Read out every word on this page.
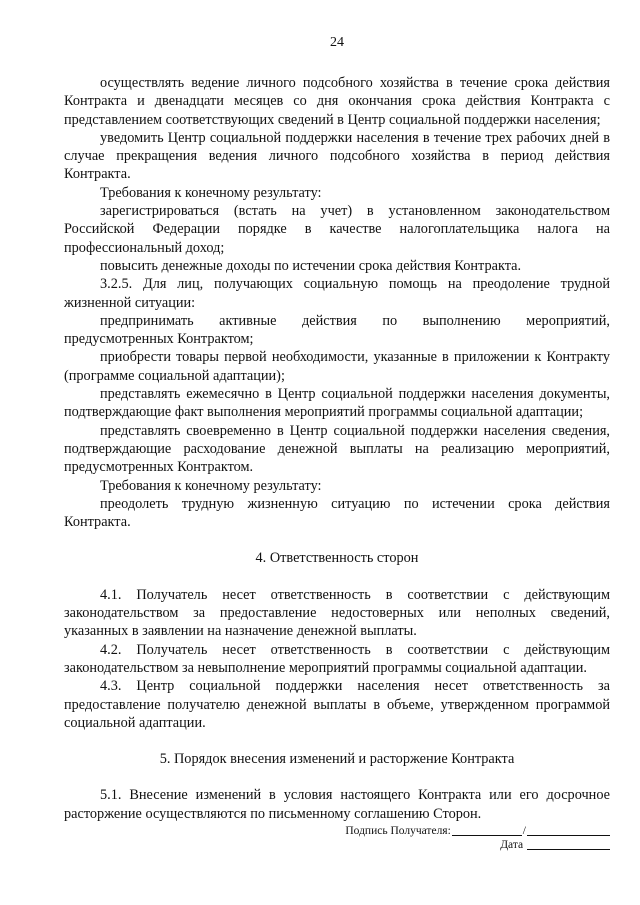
24

осуществлять ведение личного подсобного хозяйства в течение срока действия Контракта и двенадцати месяцев со дня окончания срока действия Контракта с представлением соответствующих сведений в Центр социальной поддержки населения;

уведомить Центр социальной поддержки населения в течение трех рабочих дней в случае прекращения ведения личного подсобного хозяйства в период действия Контракта.

Требования к конечному результату:

зарегистрироваться (встать на учет) в установленном законодательством Российской Федерации порядке в качестве налогоплательщика налога на профессиональный доход;

повысить денежные доходы по истечении срока действия Контракта.

3.2.5. Для лиц, получающих социальную помощь на преодоление трудной жизненной ситуации:

предпринимать активные действия по выполнению мероприятий, предусмотренных Контрактом;

приобрести товары первой необходимости, указанные в приложении к Контракту (программе социальной адаптации);

представлять ежемесячно в Центр социальной поддержки населения документы, подтверждающие факт выполнения мероприятий программы социальной адаптации;

представлять своевременно в Центр социальной поддержки населения сведения, подтверждающие расходование денежной выплаты на реализацию мероприятий, предусмотренных Контрактом.

Требования к конечному результату:

преодолеть трудную жизненную ситуацию по истечении срока действия Контракта.

4. Ответственность сторон

4.1. Получатель несет ответственность в соответствии с действующим законодательством за предоставление недостоверных или неполных сведений, указанных в заявлении на назначение денежной выплаты.

4.2. Получатель несет ответственность в соответствии с действующим законодательством за невыполнение мероприятий программы социальной адаптации.

4.3. Центр социальной поддержки населения несет ответственность за предоставление получателю денежной выплаты в объеме, утвержденном программой социальной адаптации.

5. Порядок внесения изменений и расторжение Контракта

5.1. Внесение изменений в условия настоящего Контракта или его досрочное расторжение осуществляются по письменному соглашению Сторон.

Подпись Получателя:	/
Дата
